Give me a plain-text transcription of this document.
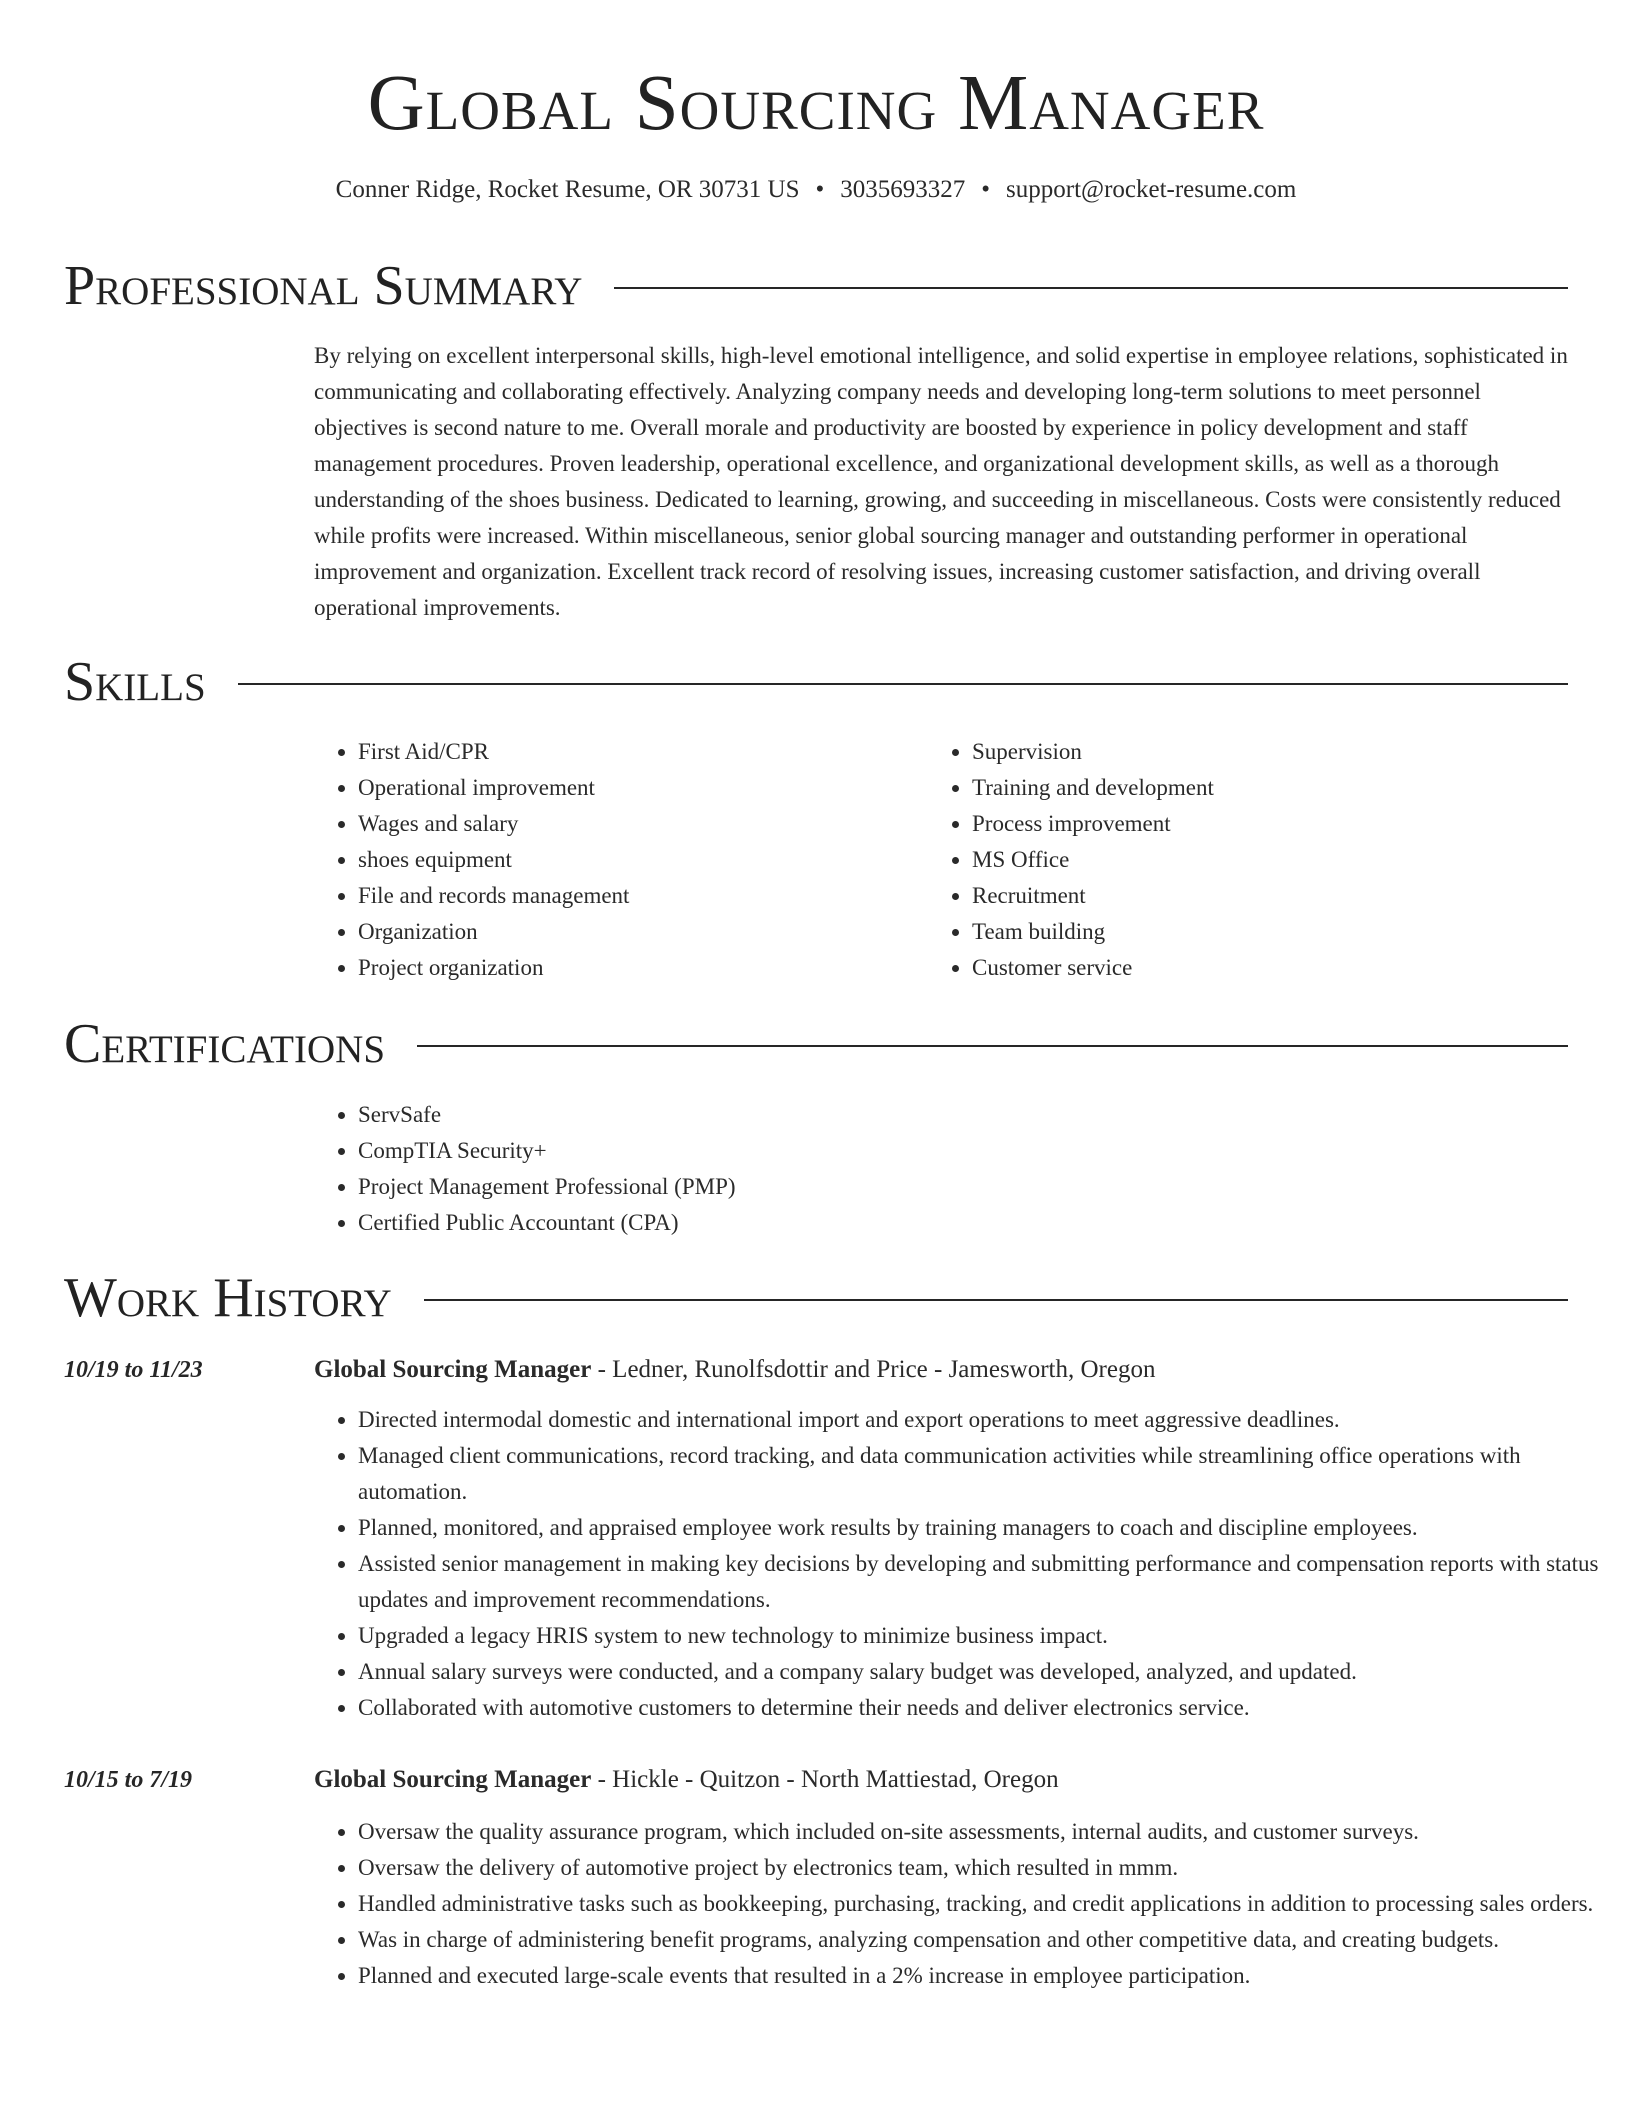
Global Sourcing Manager
Conner Ridge, Rocket Resume, OR 30731 US • 3035693327 • support@rocket-resume.com
Professional Summary

By relying on excellent interpersonal skills, high-level emotional intelligence, and solid expertise in employee relations, sophisticated in communicating and collaborating effectively. Analyzing company needs and developing long-term solutions to meet personnel objectives is second nature to me. Overall morale and productivity are boosted by experience in policy development and staff management procedures. Proven leadership, operational excellence, and organizational development skills, as well as a thorough understanding of the shoes business. Dedicated to learning, growing, and succeeding in miscellaneous. Costs were consistently reduced while profits were increased. Within miscellaneous, senior global sourcing manager and outstanding performer in operational improvement and organization. Excellent track record of resolving issues, increasing customer satisfaction, and driving overall operational improvements.

Skills
• First Aid/CPR
• Operational improvement
• Wages and salary
• shoes equipment
• File and records management
• Organization
• Project organization
• Supervision
• Training and development
• Process improvement
• MS Office
• Recruitment
• Team building
• Customer service
Certifications
• ServSafe
• CompTIA Security+
• Project Management Professional (PMP)
• Certified Public Accountant (CPA)
Work History
10/19 to 11/23	Global Sourcing Manager - Ledner, Runolfsdottir and Price - Jamesworth, Oregon
• Directed intermodal domestic and international import and export operations to meet aggressive deadlines.
• Managed client communications, record tracking, and data communication activities while streamlining office operations with automation.
• Planned, monitored, and appraised employee work results by training managers to coach and discipline employees.
• Assisted senior management in making key decisions by developing and submitting performance and compensation reports with status updates and improvement recommendations.
• Upgraded a legacy HRIS system to new technology to minimize business impact.
• Annual salary surveys were conducted, and a company salary budget was developed, analyzed, and updated.
• Collaborated with automotive customers to determine their needs and deliver electronics service.
10/15 to 7/19	Global Sourcing Manager - Hickle - Quitzon - North Mattiestad, Oregon
• Oversaw the quality assurance program, which included on-site assessments, internal audits, and customer surveys.
• Oversaw the delivery of automotive project by electronics team, which resulted in mmm.
• Handled administrative tasks such as bookkeeping, purchasing, tracking, and credit applications in addition to processing sales orders.
• Was in charge of administering benefit programs, analyzing compensation and other competitive data, and creating budgets.
• Planned and executed large-scale events that resulted in a 2% increase in employee participation.
